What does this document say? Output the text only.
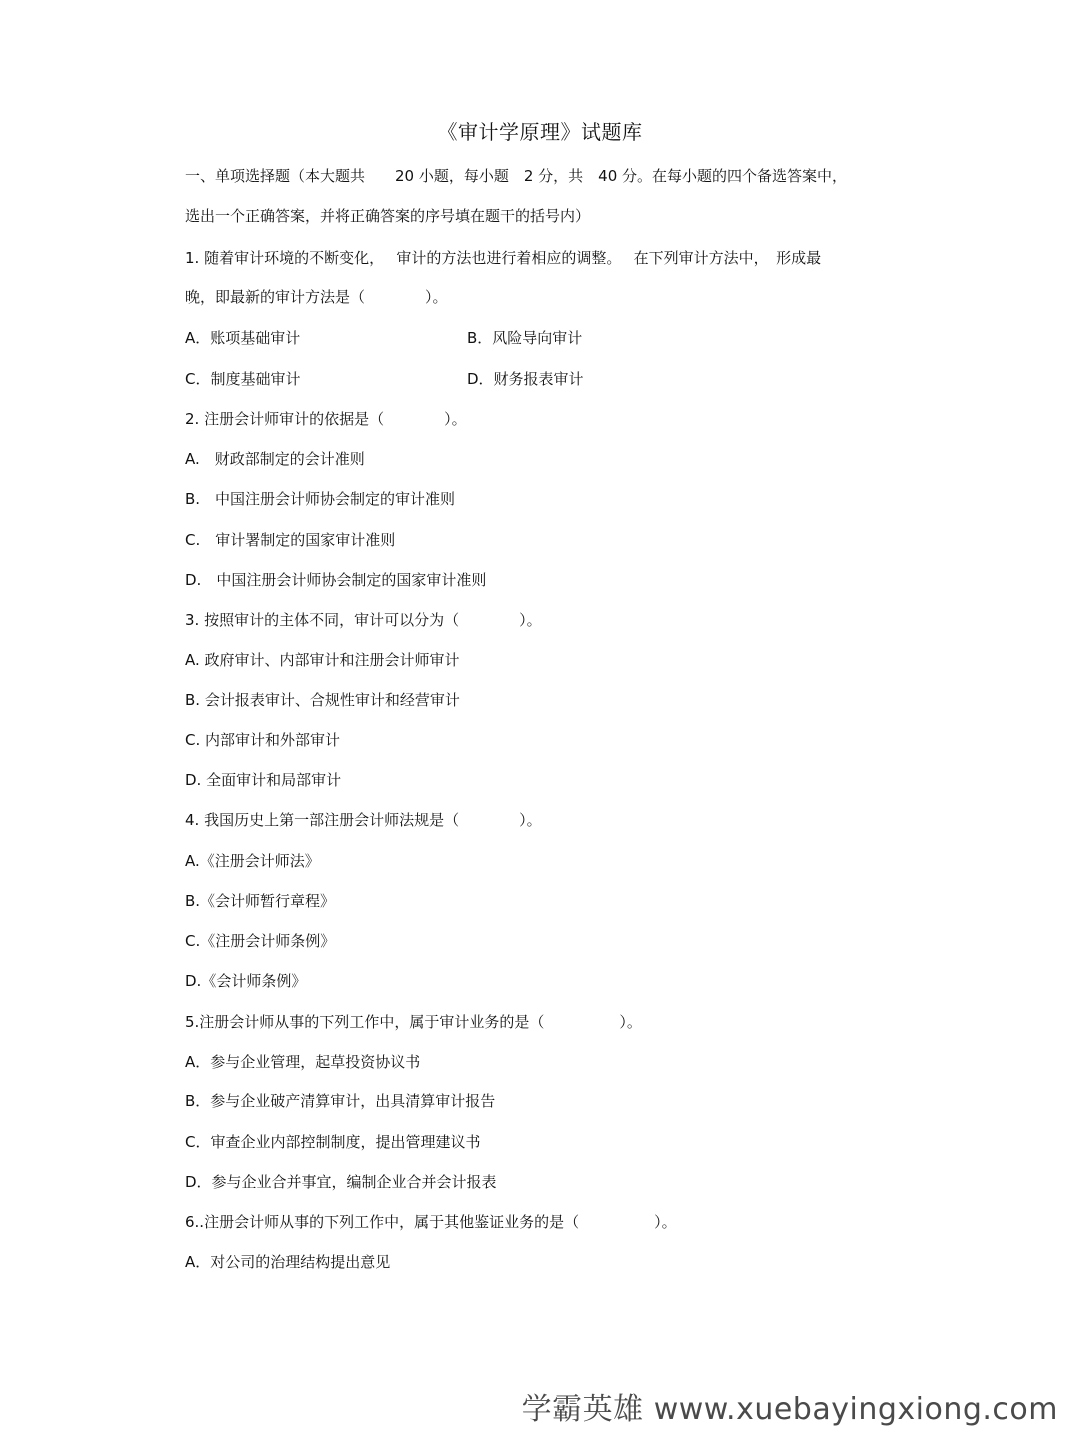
《审计学原理》试题库
一、单项选择题（本大题共　　20 小题，每小题　2 分，共　40 分。在每小题的四个备选答案中，
选出一个正确答案，并将正确答案的序号填在题干的括号内）
1. 随着审计环境的不断变化，　 审计的方法也进行着相应的调整。　 在下列审计方法中，　形成最
晚，即最新的审计方法是（　　　　）。
A．账项基础审计	B．风险导向审计
C．制度基础审计	D．财务报表审计
2. 注册会计师审计的依据是（　　　　）。
A.　财政部制定的会计准则
B.　中国注册会计师协会制定的审计准则
C.　审计署制定的国家审计准则
D.　中国注册会计师协会制定的国家审计准则
3. 按照审计的主体不同，审计可以分为（　　　　）。
A. 政府审计、内部审计和注册会计师审计
B. 会计报表审计、合规性审计和经营审计
C. 内部审计和外部审计
D. 全面审计和局部审计
4. 我国历史上第一部注册会计师法规是（　　　　）。
A.《注册会计师法》
B.《会计师暂行章程》
C.《注册会计师条例》
D.《会计师条例》
5.注册会计师从事的下列工作中，属于审计业务的是（　　　　　）。
A．参与企业管理，起草投资协议书
B．参与企业破产清算审计，出具清算审计报告
C．审查企业内部控制制度，提出管理建议书
D．参与企业合并事宜，编制企业合并会计报表
6..注册会计师从事的下列工作中，属于其他鉴证业务的是（　　　　　）。
A．对公司的治理结构提出意见
学霸英雄 www.xuebayingxiong.com
